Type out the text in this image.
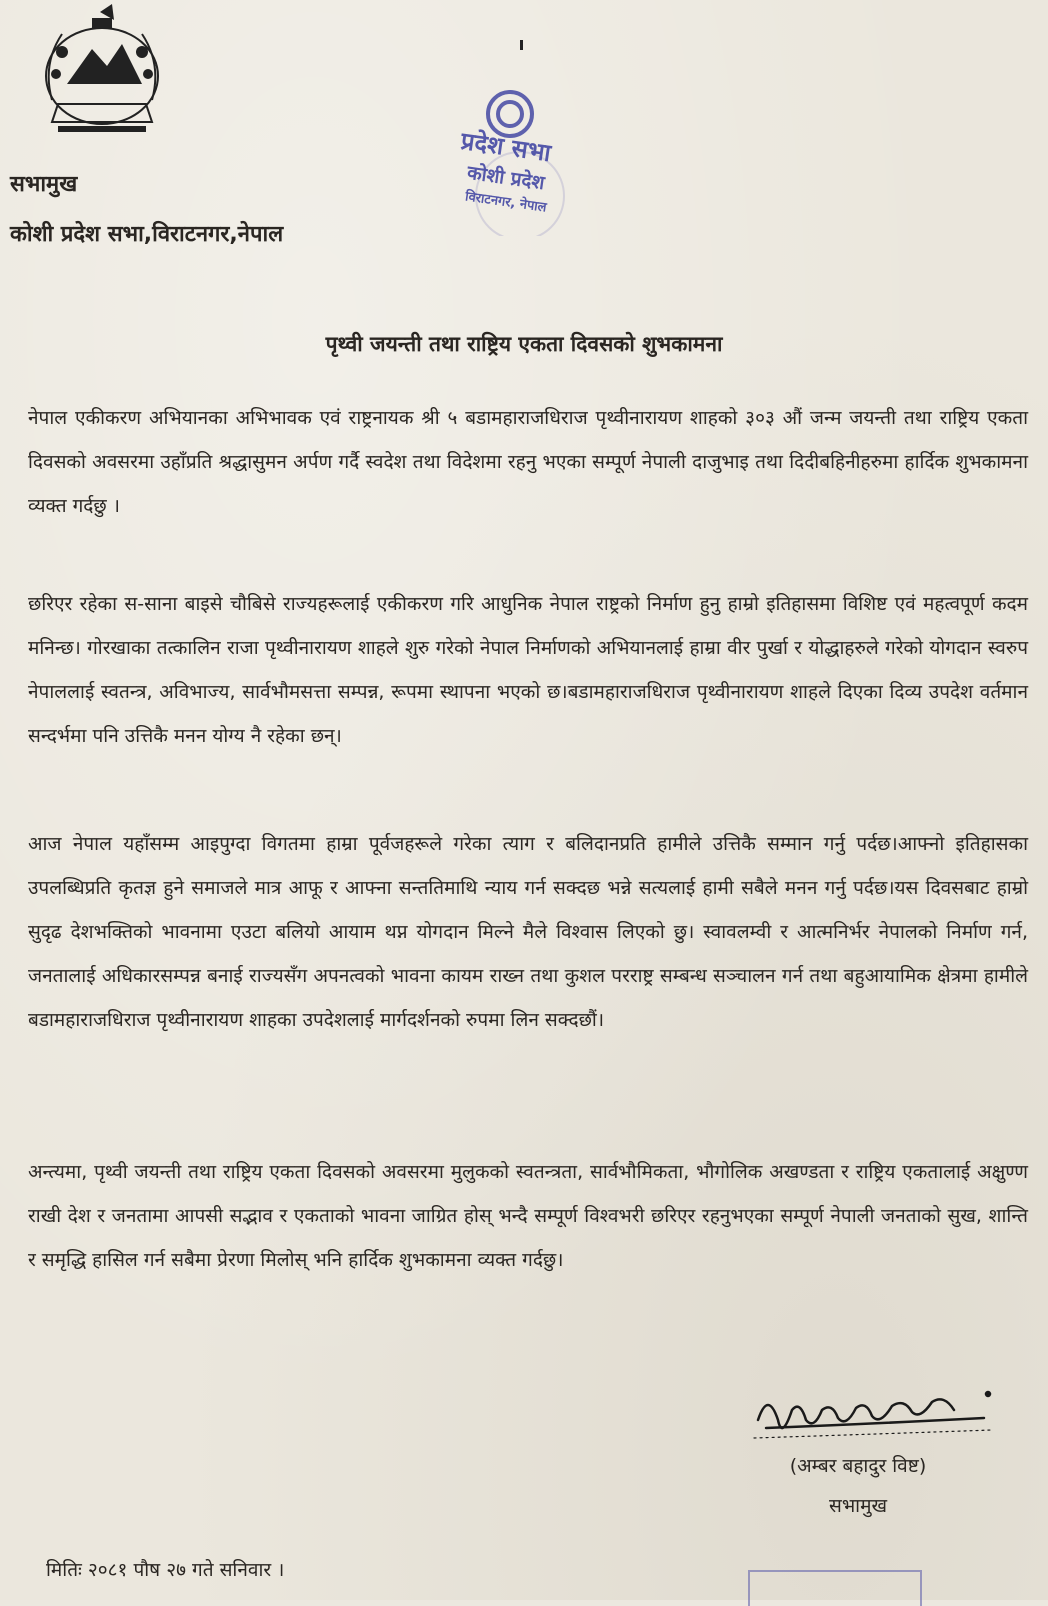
प्रदेश सभा
कोशी प्रदेश
विराटनगर, नेपाल
सभामुख
कोशी प्रदेश सभा,विराटनगर,नेपाल
पृथ्वी जयन्ती तथा राष्ट्रिय एकता दिवसको शुभकामना

नेपाल एकीकरण अभियानका अभिभावक एवं राष्ट्रनायक श्री ५ बडामहाराजधिराज पृथ्वीनारायण शाहको ३०३ औं जन्म जयन्ती तथा राष्ट्रिय एकता दिवसको अवसरमा उहाँप्रति श्रद्धासुमन अर्पण गर्दै स्वदेश तथा विदेशमा रहनु भएका सम्पूर्ण नेपाली दाजुभाइ तथा दिदीबहिनीहरुमा हार्दिक शुभकामना व्यक्त गर्दछु ।

छरिएर रहेका स-साना बाइसे चौबिसे राज्यहरूलाई एकीकरण गरि आधुनिक नेपाल राष्ट्रको निर्माण हुनु हाम्रो इतिहासमा विशिष्ट एवं महत्वपूर्ण कदम मनिन्छ। गोरखाका तत्कालिन राजा पृथ्वीनारायण शाहले शुरु गरेको नेपाल निर्माणको अभियानलाई हाम्रा वीर पुर्खा र योद्धाहरुले गरेको योगदान स्वरुप नेपाललाई स्वतन्त्र, अविभाज्य, सार्वभौमसत्ता सम्पन्न, रूपमा स्थापना भएको छ।बडामहाराजधिराज पृथ्वीनारायण शाहले दिएका दिव्य उपदेश वर्तमान सन्दर्भमा पनि उत्तिकै मनन योग्य नै रहेका छन्।

आज नेपाल यहाँसम्म आइपुग्दा विगतमा हाम्रा पूर्वजहरूले गरेका त्याग र बलिदानप्रति हामीले उत्तिकै सम्मान गर्नु पर्दछ।आफ्नो इतिहासका उपलब्धिप्रति कृतज्ञ हुने समाजले मात्र आफू र आफ्ना सन्ततिमाथि न्याय गर्न सक्दछ भन्ने सत्यलाई हामी सबैले मनन गर्नु पर्दछ।यस दिवसबाट हाम्रो सुदृढ देशभक्तिको भावनामा एउटा बलियो आयाम थप्न योगदान मिल्ने मैले विश्वास लिएको छु। स्वावलम्वी र आत्मनिर्भर नेपालको निर्माण गर्न, जनतालाई अधिकारसम्पन्न बनाई राज्यसँग अपनत्वको भावना कायम राख्न तथा कुशल परराष्ट्र सम्बन्ध सञ्चालन गर्न तथा बहुआयामिक क्षेत्रमा हामीले बडामहाराजधिराज पृथ्वीनारायण शाहका उपदेशलाई मार्गदर्शनको रुपमा लिन सक्दछौं।

अन्त्यमा, पृथ्वी जयन्ती तथा राष्ट्रिय एकता दिवसको अवसरमा मुलुकको स्वतन्त्रता, सार्वभौमिकता, भौगोलिक अखण्डता र राष्ट्रिय एकतालाई अक्षुण्ण राखी देश र जनतामा आपसी सद्भाव र एकताको भावना जाग्रित होस् भन्दै सम्पूर्ण विश्वभरी छरिएर रहनुभएका सम्पूर्ण नेपाली जनताको सुख, शान्ति र समृद्धि हासिल गर्न सबैमा प्रेरणा मिलोस् भनि हार्दिक शुभकामना व्यक्त गर्दछु।

(अम्बर बहादुर विष्ट)
सभामुख
मितिः २०८१ पौष २७ गते सनिवार ।
